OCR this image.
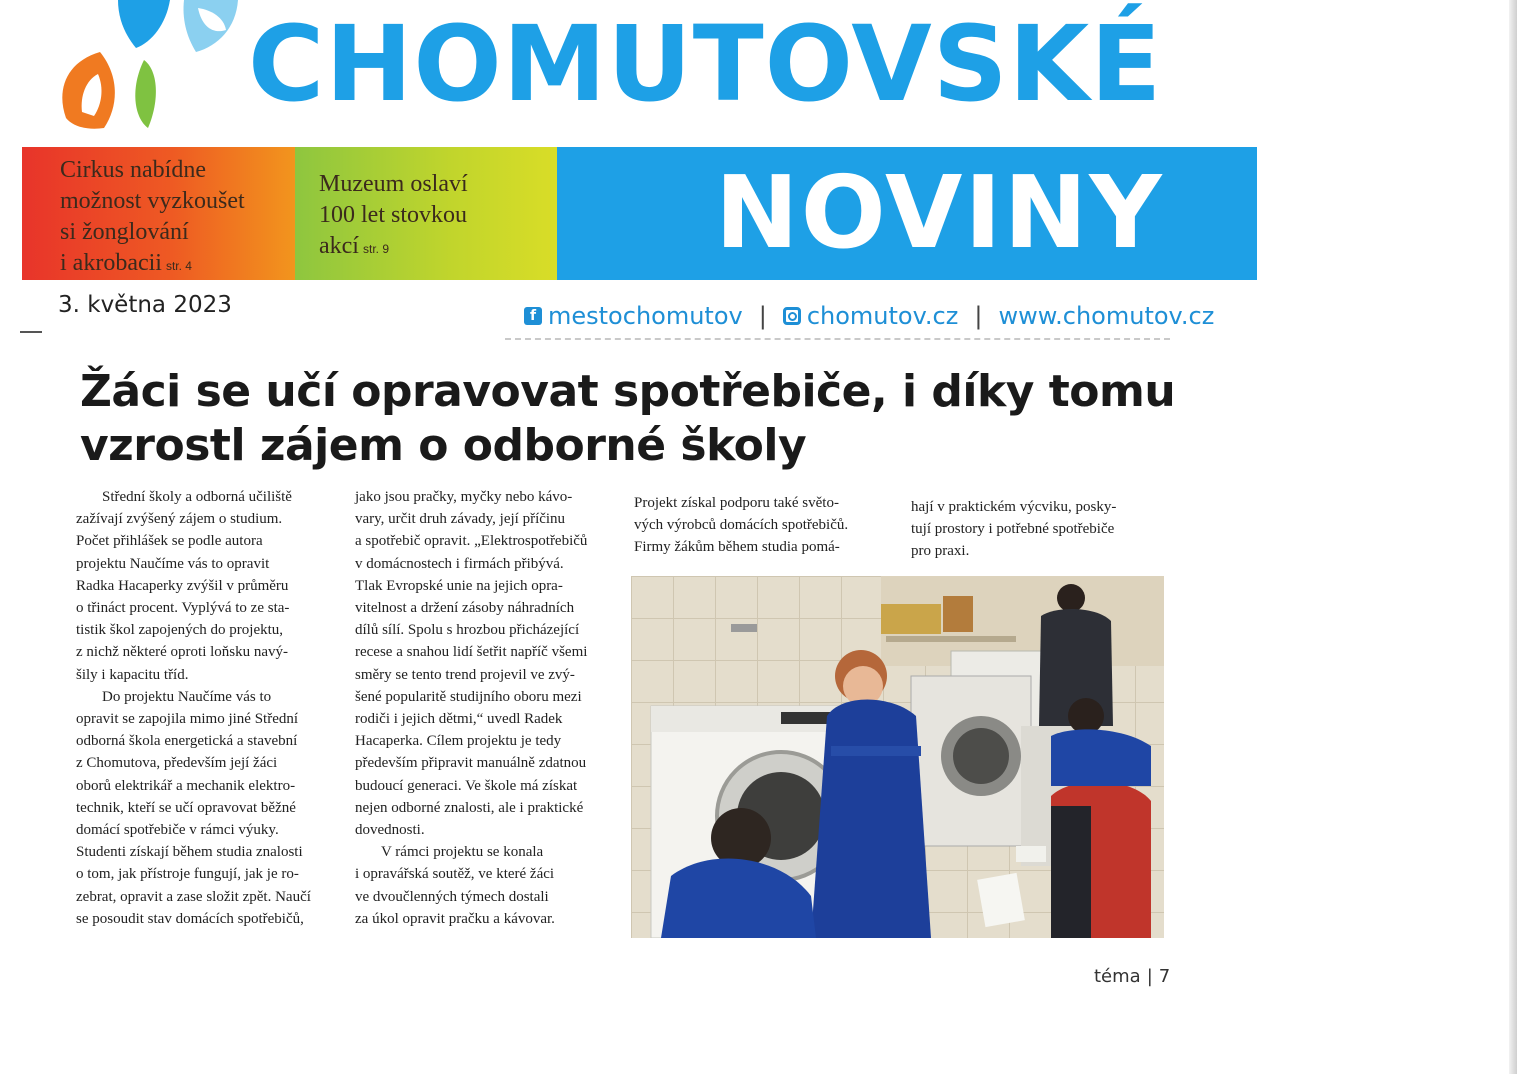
CHOMUTOVSKÉ
Cirkus nabídne
možnost vyzkoušet
si žonglování
i akrobacii str. 4
Muzeum oslaví
100 let stovkou
akcí str. 9	NOVINY
3. května 2023	f mestochomutov | chomutov.cz | www.chomutov.cz
Žáci se učí opravovat spotřebiče, i díky tomu
vzrostl zájem o odborné školy

Střední školy a odborná učiliště

zažívají zvýšený zájem o studium.

Počet přihlášek se podle autora

projektu Naučíme vás to opravit

Radka Hacaperky zvýšil v průměru

o třináct procent. Vyplývá to ze sta-

tistik škol zapojených do projektu,

z nichž některé oproti loňsku navý-

šily i kapacitu tříd.

Do projektu Naučíme vás to

opravit se zapojila mimo jiné Střední

odborná škola energetická a stavební

z Chomutova, především její žáci

oborů elektrikář a mechanik elektro-

technik, kteří se učí opravovat běžné

domácí spotřebiče v rámci výuky.

Studenti získají během studia znalosti

o tom, jak přístroje fungují, jak je ro-

zebrat, opravit a zase složit zpět. Naučí

se posoudit stav domácích spotřebičů,

jako jsou pračky, myčky nebo kávo-

vary, určit druh závady, její příčinu

a spotřebič opravit. „Elektrospotřebičů

v domácnostech i firmách přibývá.

Tlak Evropské unie na jejich opra-

vitelnost a držení zásoby náhradních

dílů sílí. Spolu s hrozbou přicházející

recese a snahou lidí šetřit napříč všemi

směry se tento trend projevil ve zvý-

šené popularitě studijního oboru mezi

rodiči i jejich dětmi,“ uvedl Radek

Hacaperka. Cílem projektu je tedy

především připravit manuálně zdatnou

budoucí generaci. Ve škole má získat

nejen odborné znalosti, ale i praktické

dovednosti.

V rámci projektu se konala

i opravářská soutěž, ve které žáci

ve dvoučlenných týmech dostali

za úkol opravit pračku a kávovar.

Projekt získal podporu také světo-

vých výrobců domácích spotřebičů.

Firmy žákům během studia pomá-

hají v praktickém výcviku, posky-

tují prostory i potřebné spotřebiče

pro praxi.

téma | 7
